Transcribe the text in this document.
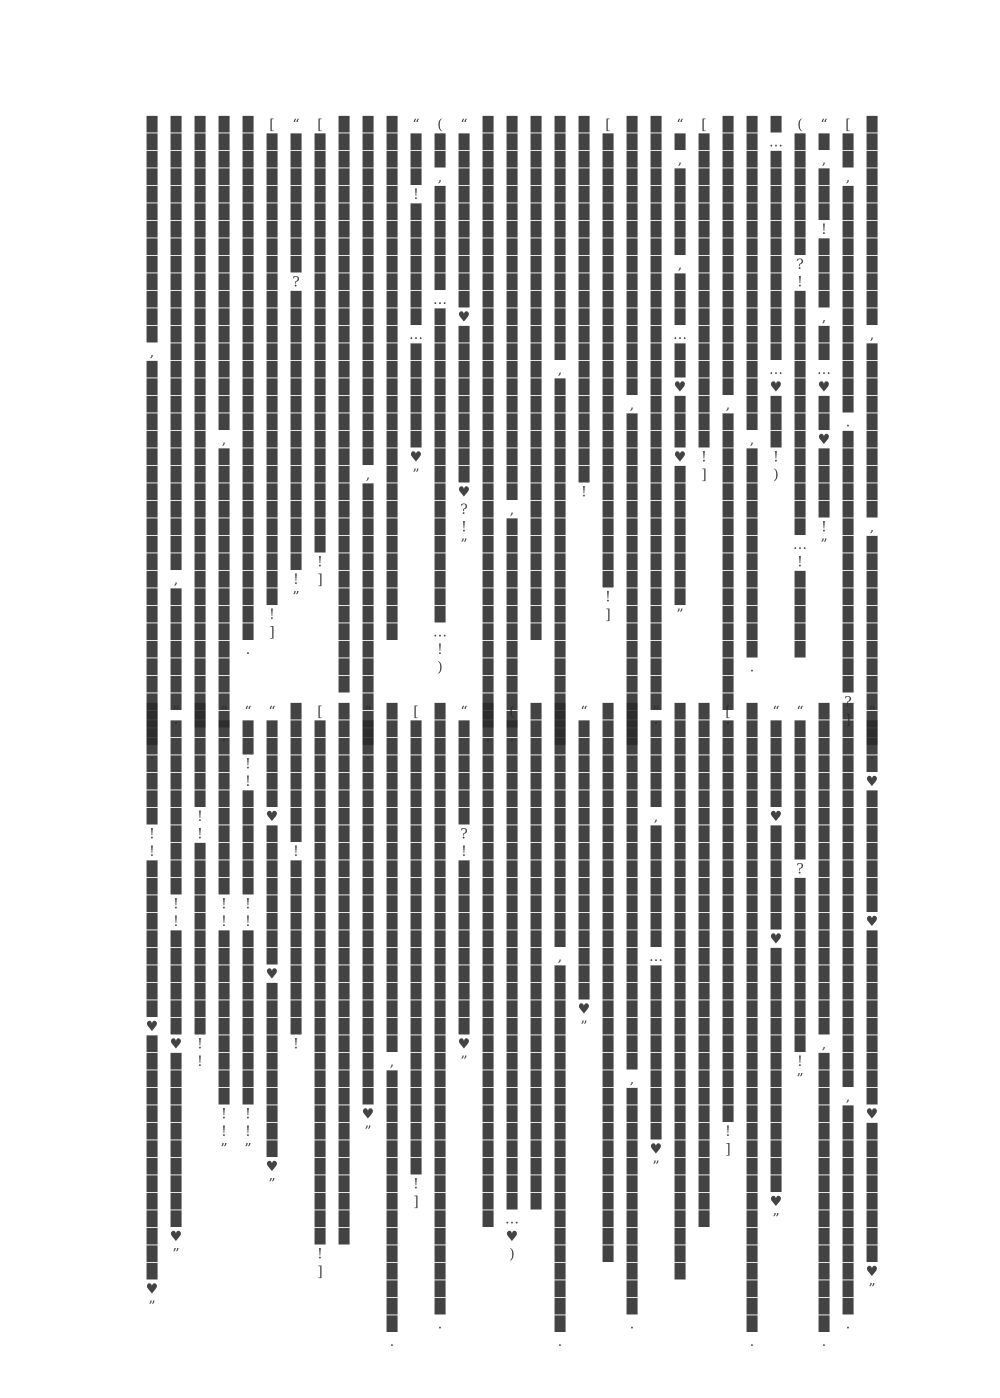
████████████,██████████,████████████.

[██,█████████████.███████████████?]

“█,███!████,██…♥██♥████!”

(███████?!██████████████…!█████

█…████████████…♥███!)

██████████████████,████████████.

████████████████,█████████████████.

[██████████████████!]

“█,█████,███…██♥███♥████████”

██████████████████████████████████.

████████████████,███████████████████.

[██████████████████████████!]

█████████████████████!

██████████████,█████████████████████.

██████████████████████████████

██████████████████████,████████████.

███████████████████████████████████.

“██████████♥█████████♥?!”

(██,██████…██████████████████…!)

“███!███████…██████♥”

██████████████████████████████

████████████████████,███████████████.

█████████████████████████████████

[████████████████████████!]

“████████?████████████████!”

[███████████████████████████!]

██████████████████████████████.

██████████████████,████████████████.

███████████████████████████████████

██████████████████████████,███████.

█████████████,██████████████████████.

“███♥███████♥██████████♥████████♥”

██████████████████████,████████████.

███████████████████,████████████████.

“████████?██████████!”

“█████♥██████♥██████████████♥”

████████████████████████████████████.

[███████████████████████!]

██████████████████████████████

█████████████████████████████████

“█████,███████…██████████♥”

█████████████████████,█████████████.

████████████████████████████████

“████████████████♥”

██████████████,█████████████████████.

█████████████████████████████

(████████████████████████████…♥)

██████████████████████████████

“██████?!██████████♥”

███████████████████████████████████.

[██████████████████████████!]

████████████████████,███████████████.

“██████████████████████♥”

███████████████████████████████

[██████████████████████████████!]

████████!██████████!

“█████♥████████♥██████████♥”

“██!!██████!!██████████!!”

“██████████!!██████████!!”

██████!!███████████!!

“██████████!!██████♥██████████♥”

███████!!█████████♥██████████████♥”
